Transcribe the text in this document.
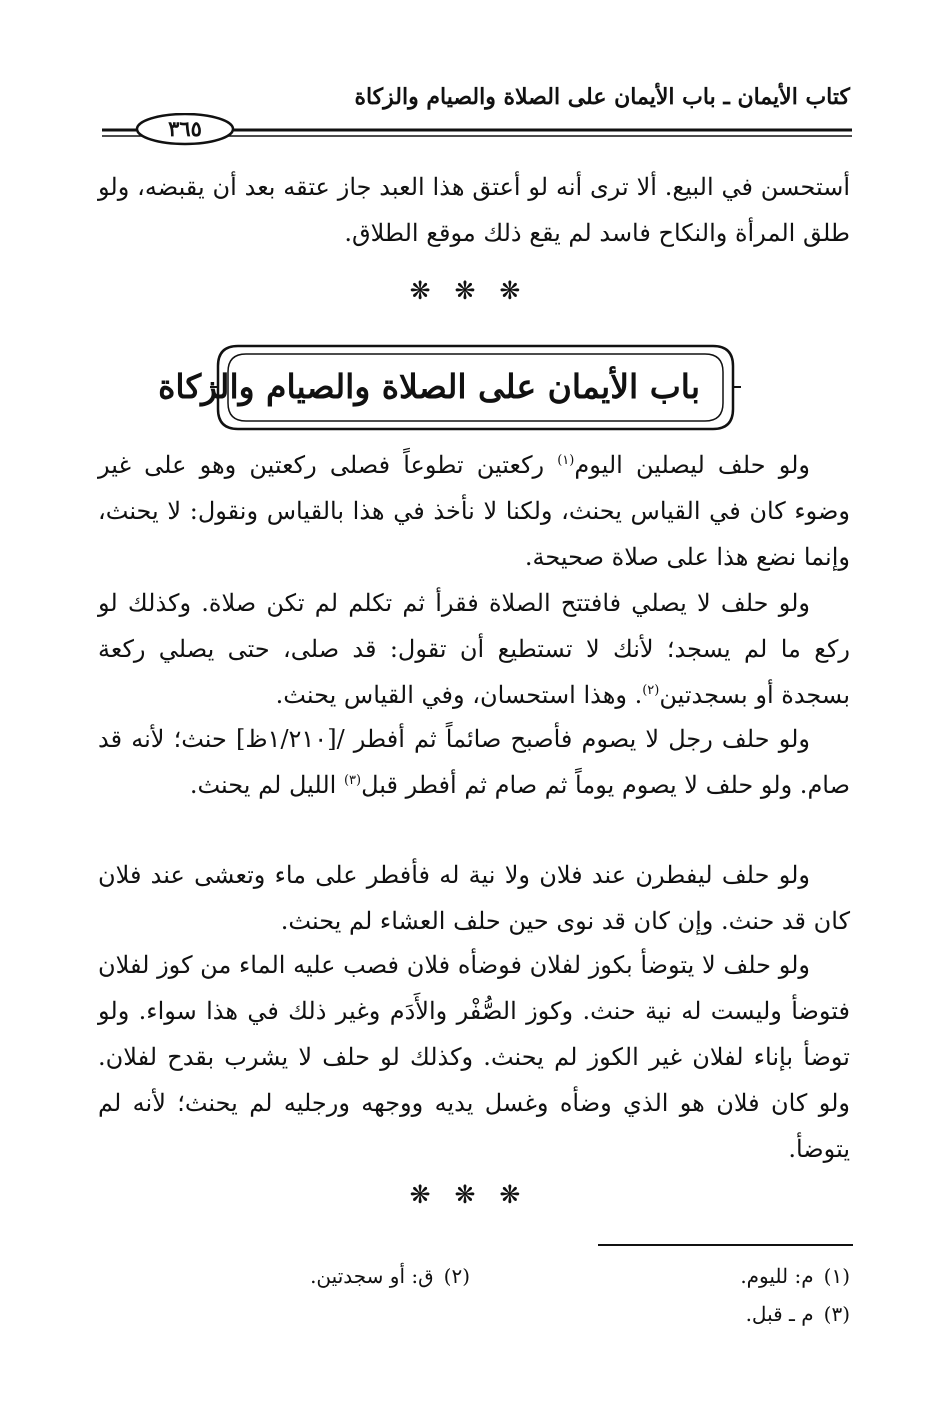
كتاب الأيمان ـ باب الأيمان على الصلاة والصيام والزكاة
٣٦٥

أستحسن في البيع. ألا ترى أنه لو أعتق هذا العبد جاز عتقه بعد أن يقبضه، ولو طلق المرأة والنكاح فاسد لم يقع ذلك موقع الطلاق.

❋ ❋ ❋
باب الأيمان على الصلاة والصيام والزكاة

ولو حلف ليصلين اليوم$^{(١)}$ ركعتين تطوعاً فصلى ركعتين وهو على غير وضوء كان في القياس يحنث، ولكنا لا نأخذ في هذا بالقياس ونقول: لا يحنث، وإنما نضع هذا على صلاة صحيحة.

ولو حلف لا يصلي فافتتح الصلاة فقرأ ثم تكلم لم تكن صلاة. وكذلك لو ركع ما لم يسجد؛ لأنك لا تستطيع أن تقول: قد صلى، حتى يصلي ركعة بسجدة أو بسجدتين$^{(٢)}$. وهذا استحسان، وفي القياس يحنث.

ولو حلف رجل لا يصوم فأصبح صائماً ثم أفطر /[١/٢١٠ظ] حنث؛ لأنه قد صام. ولو حلف لا يصوم يوماً ثم صام ثم أفطر قبل$^{(٣)}$ الليل لم يحنث.

ولو حلف ليفطرن عند فلان ولا نية له فأفطر على ماء وتعشى عند فلان كان قد حنث. وإن كان قد نوى حين حلف العشاء لم يحنث.

ولو حلف لا يتوضأ بكوز لفلان فوضأه فلان فصب عليه الماء من كوز لفلان فتوضأ وليست له نية حنث. وكوز الصُّفْر والأَدَم وغير ذلك في هذا سواء. ولو توضأ بإناء لفلان غير الكوز لم يحنث. وكذلك لو حلف لا يشرب بقدح لفلان. ولو كان فلان هو الذي وضأه وغسل يديه ووجهه ورجليه لم يحنث؛ لأنه لم يتوضأ.

❋ ❋ ❋
(١)م: لليوم.
(٢)ق: أو سجدتين.
(٣)م ـ قبل.
